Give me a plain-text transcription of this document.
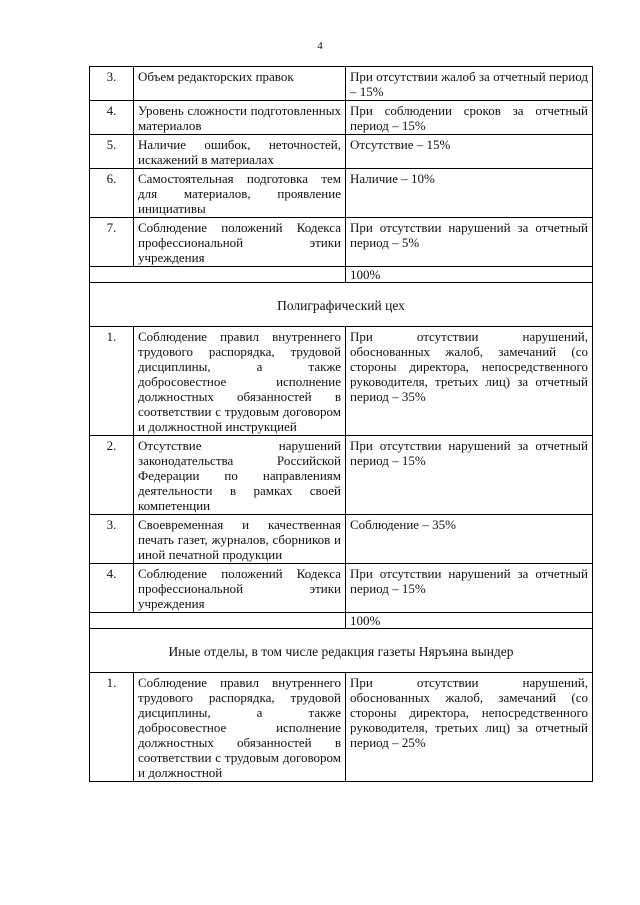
4
3.	Объем редакторских правок	При отсутствии жалоб за отчетный период – 15%
4.	Уровень сложности подготовленных материалов	При соблюдении сроков за отчетный период – 15%
5.	Наличие ошибок, неточностей, искажений в материалах	Отсутствие – 15%
6.	Самостоятельная подготовка тем для материалов, проявление инициативы	Наличие – 10%
7.	Соблюдение положений Кодекса профессиональной этики учреждения	При отсутствии нарушений за отчетный период – 5%
		100%
Полиграфический цех		
1.	Соблюдение правил внутреннего трудового распорядка, трудовой дисциплины, а также добросовестное исполнение должностных обязанностей в соответствии с трудовым договором и должностной инструкцией	При отсутствии нарушений, обоснованных жалоб, замечаний (со стороны директора, непосредственного руководителя, третьих лиц) за отчетный период – 35%
2.	Отсутствие нарушений законодательства Российской Федерации по направлениям деятельности в рамках своей компетенции	При отсутствии нарушений за отчетный период – 15%
3.	Своевременная и качественная печать газет, журналов, сборников и иной печатной продукции	Соблюдение – 35%
4.	Соблюдение положений Кодекса профессиональной этики учреждения	При отсутствии нарушений за отчетный период – 15%
		100%
Иные отделы, в том числе редакция газеты Няръяна вындер		
1.	Соблюдение правил внутреннего трудового распорядка, трудовой дисциплины, а также добросовестное исполнение должностных обязанностей в соответствии с трудовым договором и должностной	При отсутствии нарушений, обоснованных жалоб, замечаний (со стороны директора, непосредственного руководителя, третьих лиц) за отчетный период – 25%
